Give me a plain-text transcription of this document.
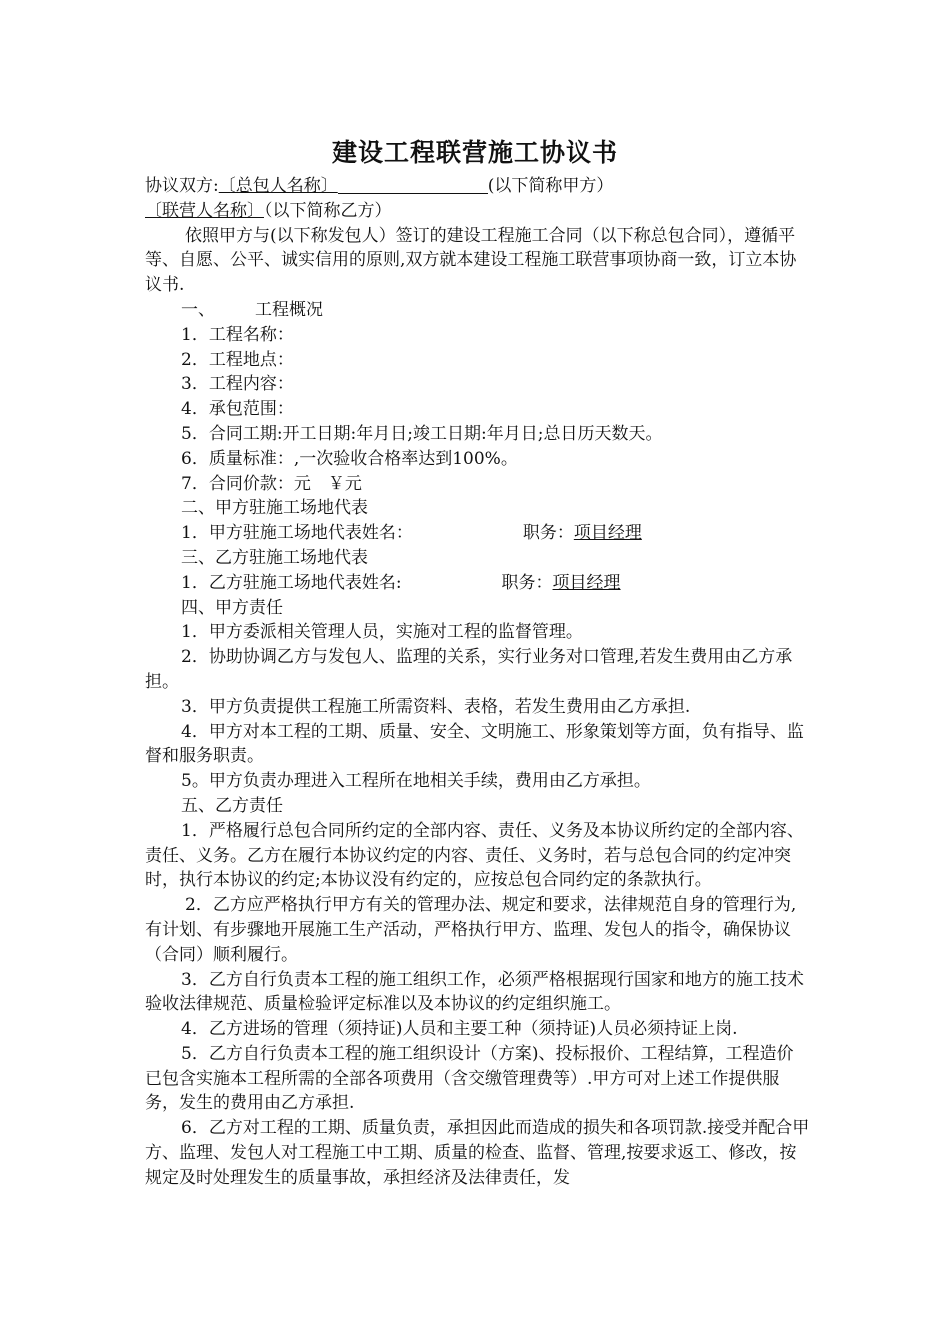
建设工程联营施工协议书

协议双方:〔总包人名称〕	(以下简称甲方）

〔联营人名称〕（以下简称乙方）

依照甲方与(以下称发包人）签订的建设工程施工合同（以下称总包合同），遵循平等、自愿、公平、诚实信用的原则,双方就本建设工程施工联营事项协商一致，订立本协议书.

一、 工程概况

1．工程名称：

2．工程地点：

3．工程内容：

4．承包范围：

5．合同工期:开工日期:年月日;竣工日期:年月日;总日历天数天。

6．质量标准：,一次验收合格率达到100%。

7．合同价款：元　￥元

二、甲方驻施工场地代表

1．甲方驻施工场地代表姓名：	职务：项目经理

三、乙方驻施工场地代表

1．乙方驻施工场地代表姓名:	职务：项目经理

四、甲方责任

1．甲方委派相关管理人员，实施对工程的监督管理。

2．协助协调乙方与发包人、监理的关系，实行业务对口管理,若发生费用由乙方承担。

3．甲方负责提供工程施工所需资料、表格，若发生费用由乙方承担.

4．甲方对本工程的工期、质量、安全、文明施工、形象策划等方面，负有指导、监督和服务职责。

5。甲方负责办理进入工程所在地相关手续，费用由乙方承担。

五、乙方责任

1．严格履行总包合同所约定的全部内容、责任、义务及本协议所约定的全部内容、责任、义务。乙方在履行本协议约定的内容、责任、义务时，若与总包合同的约定冲突时，执行本协议的约定;本协议没有约定的，应按总包合同约定的条款执行。

2．乙方应严格执行甲方有关的管理办法、规定和要求，法律规范自身的管理行为,有计划、有步骤地开展施工生产活动，严格执行甲方、监理、发包人的指令，确保协议（合同）顺利履行。

3．乙方自行负责本工程的施工组织工作，必须严格根据现行国家和地方的施工技术验收法律规范、质量检验评定标准以及本协议的约定组织施工。

4．乙方进场的管理（须持证)人员和主要工种（须持证)人员必须持证上岗.

5．乙方自行负责本工程的施工组织设计（方案)、投标报价、工程结算，工程造价已包含实施本工程所需的全部各项费用（含交缴管理费等）.甲方可对上述工作提供服务，发生的费用由乙方承担.

6．乙方对工程的工期、质量负责，承担因此而造成的损失和各项罚款.接受并配合甲方、监理、发包人对工程施工中工期、质量的检查、监督、管理,按要求返工、修改，按规定及时处理发生的质量事故，承担经济及法律责任，发
